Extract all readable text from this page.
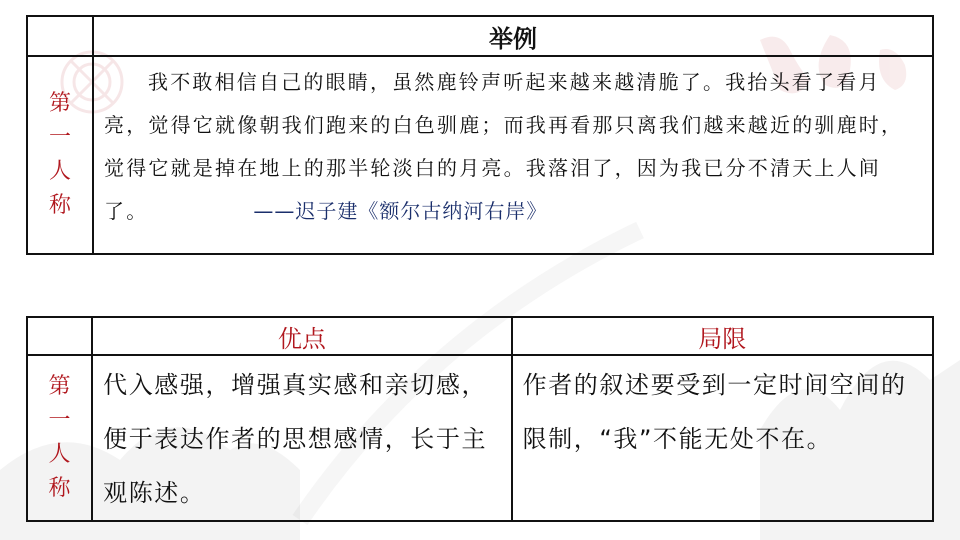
	举例

第一人称	我不敢相信自己的眼睛，虽然鹿铃声听起来越来越清脆了。我抬头看了看月亮，觉得它就像朝我们跑来的白色驯鹿；而我再看那只离我们越来越近的驯鹿时，觉得它就是掉在地上的那半轮淡白的月亮。我落泪了，因为我已分不清天上人间了。 ——迟子建《额尔古纳河右岸》
	优点	局限

第一人称	代入感强，增强真实感和亲切感，便于表达作者的思想感情，长于主观陈述。	作者的叙述要受到一定时间空间的限制，“我”不能无处不在。
